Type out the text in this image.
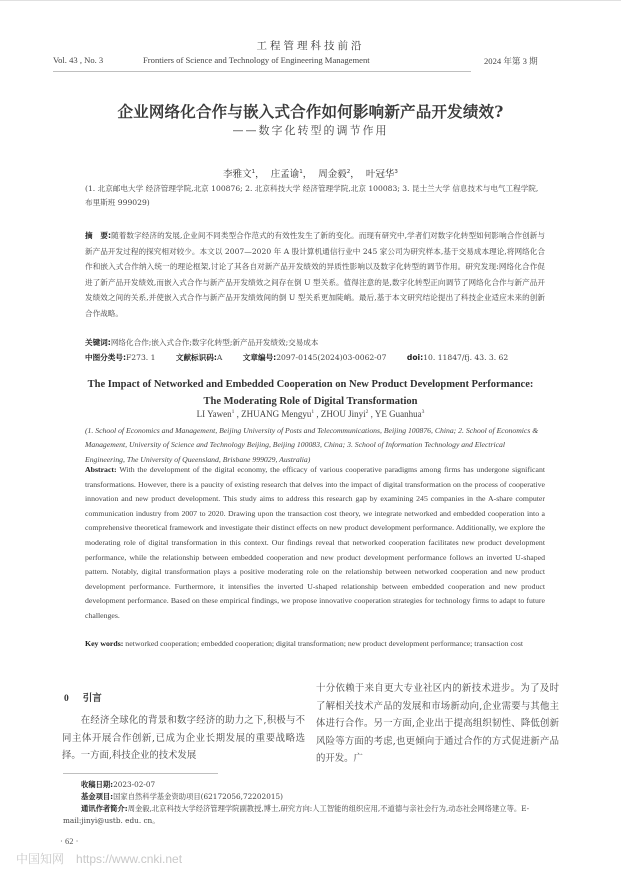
工程管理科技前沿
Vol. 43 , No. 3	Frontiers of Science and Technology of Engineering Management	2024 年第 3 期
企业网络化合作与嵌入式合作如何影响新产品开发绩效?
——数字化转型的调节作用
李雅文$^1$，  庄孟谕$^1$，  周金毅$^2$，  叶冠华$^3$
(1. 北京邮电大学 经济管理学院,北京 100876; 2. 北京科技大学 经济管理学院,北京 100083; 3. 昆士兰大学 信息技术与电气工程学院,布里斯班 999029)
摘　要:随着数字经济的发展,企业间不同类型合作范式的有效性发生了新的变化。而现有研究中,学者们对数字化转型如何影响合作创新与新产品开发过程的探究相对较少。本文以 2007—2020 年 A 股计算机通信行业中 245 家公司为研究样本,基于交易成本理论,将网络化合作和嵌入式合作纳入统一的理论框架,讨论了其各自对新产品开发绩效的异质性影响以及数字化转型的调节作用。研究发现:网络化合作促进了新产品开发绩效,而嵌入式合作与新产品开发绩效之间存在倒 U 型关系。值得注意的是,数字化转型正向调节了网络化合作与新产品开发绩效之间的关系,并使嵌入式合作与新产品开发绩效间的倒 U 型关系更加陡峭。最后,基于本文研究结论提出了科技企业适应未来的创新合作战略。
关键词:网络化合作;嵌入式合作;数字化转型;新产品开发绩效;交易成本
中图分类号:F273. 1	文献标识码:A	文章编号:2097-0145(2024)03-0062-07	doi:10. 11847/fj. 43. 3. 62
The Impact of Networked and Embedded Cooperation on New Product Development Performance:
The Moderating Role of Digital Transformation
LI Yawen$^1$ , ZHUANG Mengyu$^1$ , ZHOU Jinyi$^2$ , YE Guanhua$^3$
(1. School of Economics and Management, Beijing University of Posts and Telecommunications, Beijing 100876, China; 2. School of Economics & Management, University of Science and Technology Beijing, Beijing 100083, China; 3. School of Information Technology and Electrical Engineering, The University of Queensland, Brisbane 999029, Australia)
Abstract: With the development of the digital economy, the efficacy of various cooperative paradigms among firms has undergone significant transformations. However, there is a paucity of existing research that delves into the impact of digital transformation on the process of cooperative innovation and new product development. This study aims to address this research gap by examining 245 companies in the A-share computer communication industry from 2007 to 2020. Drawing upon the transaction cost theory, we integrate networked and embedded cooperation into a comprehensive theoretical framework and investigate their distinct effects on new product development performance. Additionally, we explore the moderating role of digital transformation in this context. Our findings reveal that networked cooperation facilitates new product development performance, while the relationship between embedded cooperation and new product development performance follows an inverted U-shaped pattern. Notably, digital transformation plays a positive moderating role on the relationship between networked cooperation and new product development performance. Furthermore, it intensifies the inverted U-shaped relationship between embedded cooperation and new product development performance. Based on these empirical findings, we propose innovative cooperation strategies for technology firms to adapt to future challenges.
Key words: networked cooperation; embedded cooperation; digital transformation; new product development performance; transaction cost
0 引言

在经济全球化的背景和数字经济的助力之下,积极与不同主体开展合作创新,已成为企业长期发展的重要战略选择。一方面,科技企业的技术发展

十分依赖于来自更大专业社区内的新技术进步。为了及时了解相关技术产品的发展和市场新动向,企业需要与其他主体进行合作。另一方面,企业出于提高组织韧性、降低创新风险等方面的考虑,也更倾向于通过合作的方式促进新产品的开发。广

收稿日期:2023-02-07
基金项目:国家自然科学基金资助项目(62172056,72202015)
通讯作者简介:周金毅,北京科技大学经济管理学院副教授,博士,研究方向:人工智能的组织应用,不道德与亲社会行为,动态社会网络建立等。E-mail:jinyi@ustb. edu. cn。
· 62 ·
中国知网 https://www.cnki.net
